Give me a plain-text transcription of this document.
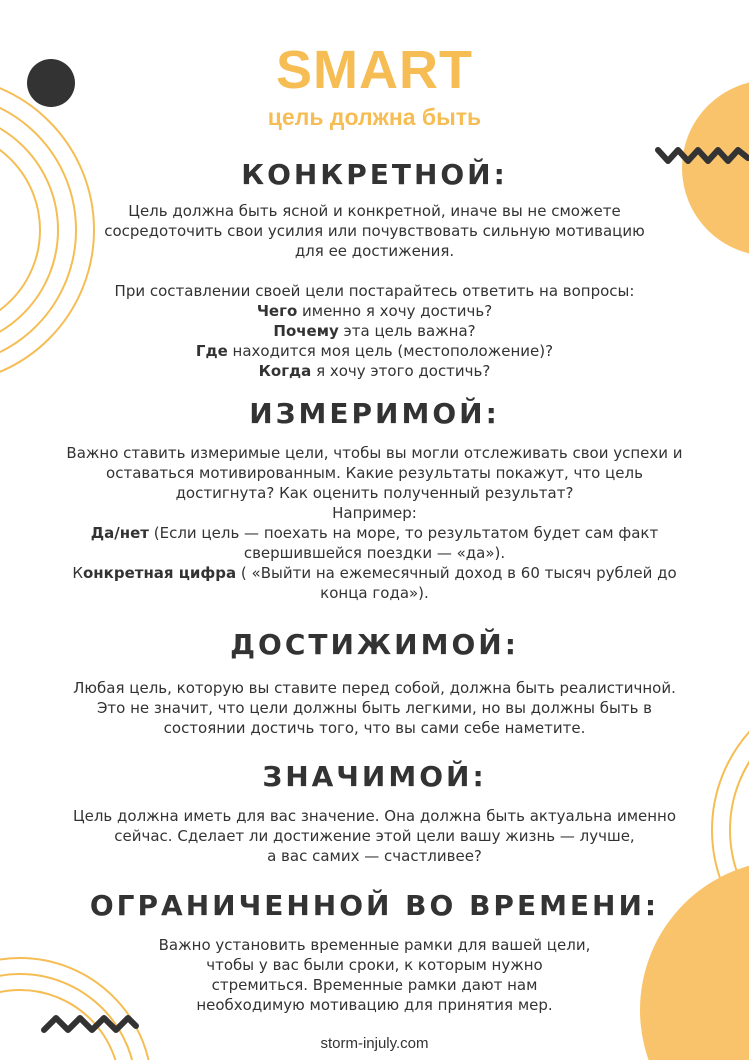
SMART
цель должна быть
КОНКРЕТНОЙ:

Цель должна быть ясной и конкретной, иначе вы не сможете

сосредоточить свои усилия или почувствовать сильную мотивацию

для ее достижения.

При составлении своей цели постарайтесь ответить на вопросы:

Чего именно я хочу достичь?

Почему эта цель важна?

Где находится моя цель (местоположение)?

Когда я хочу этого достичь?

ИЗМЕРИМОЙ:

Важно ставить измеримые цели, чтобы вы могли отслеживать свои успехи и

оставаться мотивированным. Какие результаты покажут, что цель

достигнута? Как оценить полученный результат?

Например:

Да/нет (Если цель — поехать на море, то результатом будет сам факт

свершившейся поездки — «да»).

Конкретная цифра ( «Выйти на ежемесячный доход в 60 тысяч рублей до

конца года»).

ДОСТИЖИМОЙ:

Любая цель, которую вы ставите перед собой, должна быть реалистичной.

Это не значит, что цели должны быть легкими, но вы должны быть в

состоянии достичь того, что вы сами себе наметите.

ЗНАЧИМОЙ:

Цель должна иметь для вас значение. Она должна быть актуальна именно

сейчас. Сделает ли достижение этой цели вашу жизнь — лучше,

а вас самих — счастливее?

ОГРАНИЧЕННОЙ ВО ВРЕМЕНИ:

Важно установить временные рамки для вашей цели,

чтобы у вас были сроки, к которым нужно

стремиться. Временные рамки дают нам

необходимую мотивацию для принятия мер.

storm-injuly.com
